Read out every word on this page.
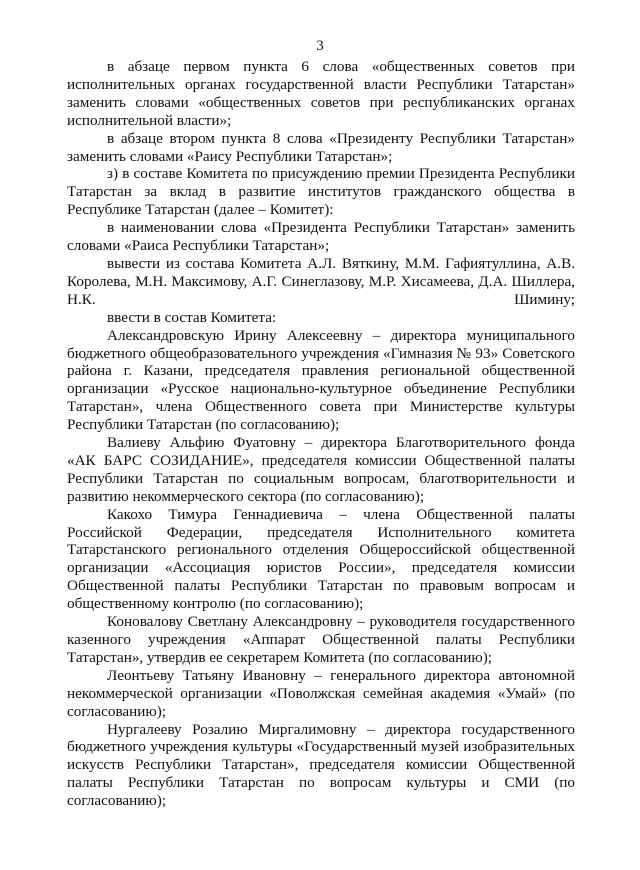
3

в абзаце первом пункта 6 слова «общественных советов при исполнительных органах государственной власти Республики Татарстан» заменить словами «общественных советов при республиканских органах исполнительной власти»;

в абзаце втором пункта 8 слова «Президенту Республики Татарстан» заменить словами «Раису Республики Татарстан»;

з) в составе Комитета по присуждению премии Президента Республики Татарстан за вклад в развитие институтов гражданского общества в Республике Татарстан (далее – Комитет):

в наименовании слова «Президента Республики Татарстан» заменить словами «Раиса Республики Татарстан»;

вывести из состава Комитета А.Л. Вяткину, М.М. Гафиятуллина, А.В. Королева, М.Н. Максимову, А.Г. Синеглазову, М.Р. Хисамеева, Д.А. Шиллера, Н.К. Шимину;

ввести в состав Комитета:

Александровскую Ирину Алексеевну – директора муниципального бюджетного общеобразовательного учреждения «Гимназия № 93» Советского района г. Казани, председателя правления региональной общественной организации «Русское национально-культурное объединение Республики Татарстан», члена Общественного совета при Министерстве культуры Республики Татарстан (по согласованию);

Валиеву Альфию Фуатовну – директора Благотворительного фонда «АК БАРС СОЗИДАНИЕ», председателя комиссии Общественной палаты Республики Татарстан по социальным вопросам, благотворительности и развитию некоммерческого сектора (по согласованию);

Какохо Тимура Геннадиевича – члена Общественной палаты Российской Федерации, председателя Исполнительного комитета Татарстанского регионального отделения Общероссийской общественной организации «Ассоциация юристов России», председателя комиссии Общественной палаты Республики Татарстан по правовым вопросам и общественному контролю (по согласованию);

Коновалову Светлану Александровну – руководителя государственного казенного учреждения «Аппарат Общественной палаты Республики Татарстан», утвердив ее секретарем Комитета (по согласованию);

Леонтьеву Татьяну Ивановну – генерального директора автономной некоммерческой организации «Поволжская семейная академия «Умай» (по согласованию);

Нургалееву Розалию Миргалимовну – директора государственного бюджетного учреждения культуры «Государственный музей изобразительных искусств Республики Татарстан», председателя комиссии Общественной палаты Республики Татарстан по вопросам культуры и СМИ (по согласованию);
